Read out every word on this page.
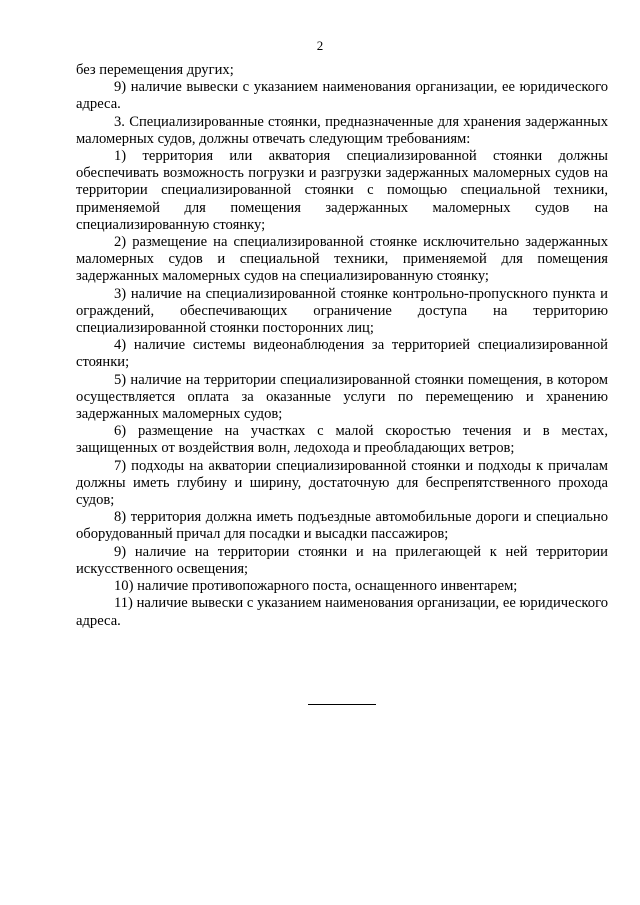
2

без перемещения других;

9) наличие вывески с указанием наименования организации, ее юридического адреса.

3. Специализированные стоянки, предназначенные для хранения задержанных маломерных судов, должны отвечать следующим требованиям:

1) территория или акватория специализированной стоянки должны обеспечивать возможность погрузки и разгрузки задержанных маломерных судов на территории специализированной стоянки с помощью специальной техники, применяемой для помещения задержанных маломерных судов на специализированную стоянку;

2) размещение на специализированной стоянке исключительно задержанных маломерных судов и специальной техники, применяемой для помещения задержанных маломерных судов на специализированную стоянку;

3) наличие на специализированной стоянке контрольно-пропускного пункта и ограждений, обеспечивающих ограничение доступа на территорию специализированной стоянки посторонних лиц;

4) наличие системы видеонаблюдения за территорией специализированной стоянки;

5) наличие на территории специализированной стоянки помещения, в котором осуществляется оплата за оказанные услуги по перемещению и хранению задержанных маломерных судов;

6) размещение на участках с малой скоростью течения и в местах, защищенных от воздействия волн, ледохода и преобладающих ветров;

7) подходы на акватории специализированной стоянки и подходы к причалам должны иметь глубину и ширину, достаточную для беспрепятственного прохода судов;

8) территория должна иметь подъездные автомобильные дороги и специально оборудованный причал для посадки и высадки пассажиров;

9) наличие на территории стоянки и на прилегающей к ней территории искусственного освещения;

10) наличие противопожарного поста, оснащенного инвентарем;

11) наличие вывески с указанием наименования организации, ее юридического адреса.
